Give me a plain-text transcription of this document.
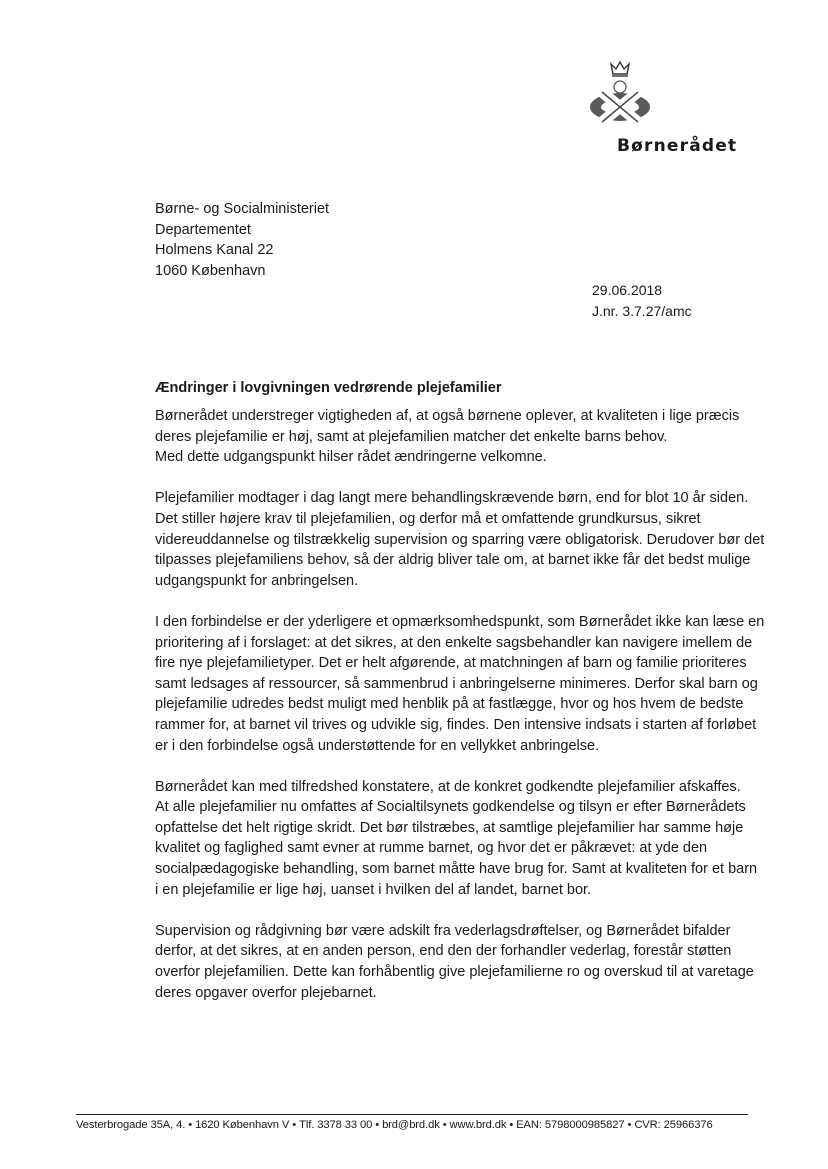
Børnerådet
Børne- og Socialministeriet
Departementet
Holmens Kanal 22
1060 København
29.06.2018
J.nr. 3.7.27/amc
Ændringer i lovgivningen vedrørende plejefamilier

Børnerådet understreger vigtigheden af, at også børnene oplever, at kvaliteten i lige præcis
deres plejefamilie er høj, samt at plejefamilien matcher det enkelte barns behov.
Med dette udgangspunkt hilser rådet ændringerne velkomne.

Plejefamilier modtager i dag langt mere behandlingskrævende børn, end for blot 10 år siden.
Det stiller højere krav til plejefamilien, og derfor må et omfattende grundkursus, sikret
videreuddannelse og tilstrækkelig supervision og sparring være obligatorisk. Derudover bør det
tilpasses plejefamiliens behov, så der aldrig bliver tale om, at barnet ikke får det bedst mulige
udgangspunkt for anbringelsen.

I den forbindelse er der yderligere et opmærksomhedspunkt, som Børnerådet ikke kan læse en
prioritering af i forslaget: at det sikres, at den enkelte sagsbehandler kan navigere imellem de
fire nye plejefamilietyper. Det er helt afgørende, at matchningen af barn og familie prioriteres
samt ledsages af ressourcer, så sammenbrud i anbringelserne minimeres. Derfor skal barn og
plejefamilie udredes bedst muligt med henblik på at fastlægge, hvor og hos hvem de bedste
rammer for, at barnet vil trives og udvikle sig, findes. Den intensive indsats i starten af forløbet
er i den forbindelse også understøttende for en vellykket anbringelse.

Børnerådet kan med tilfredshed konstatere, at de konkret godkendte plejefamilier afskaffes.
At alle plejefamilier nu omfattes af Socialtilsynets godkendelse og tilsyn er efter Børnerådets
opfattelse det helt rigtige skridt. Det bør tilstræbes, at samtlige plejefamilier har samme høje
kvalitet og faglighed samt evner at rumme barnet, og hvor det er påkrævet: at yde den
socialpædagogiske behandling, som barnet måtte have brug for. Samt at kvaliteten for et barn
i en plejefamilie er lige høj, uanset i hvilken del af landet, barnet bor.

Supervision og rådgivning bør være adskilt fra vederlagsdrøftelser, og Børnerådet bifalder
derfor, at det sikres, at en anden person, end den der forhandler vederlag, forestår støtten
overfor plejefamilien. Dette kan forhåbentlig give plejefamilierne ro og overskud til at varetage
deres opgaver overfor plejebarnet.

Vesterbrogade 35A, 4. • 1620 København V • Tlf. 3378 33 00 • brd@brd.dk • www.brd.dk • EAN: 5798000985827 • CVR: 25966376
